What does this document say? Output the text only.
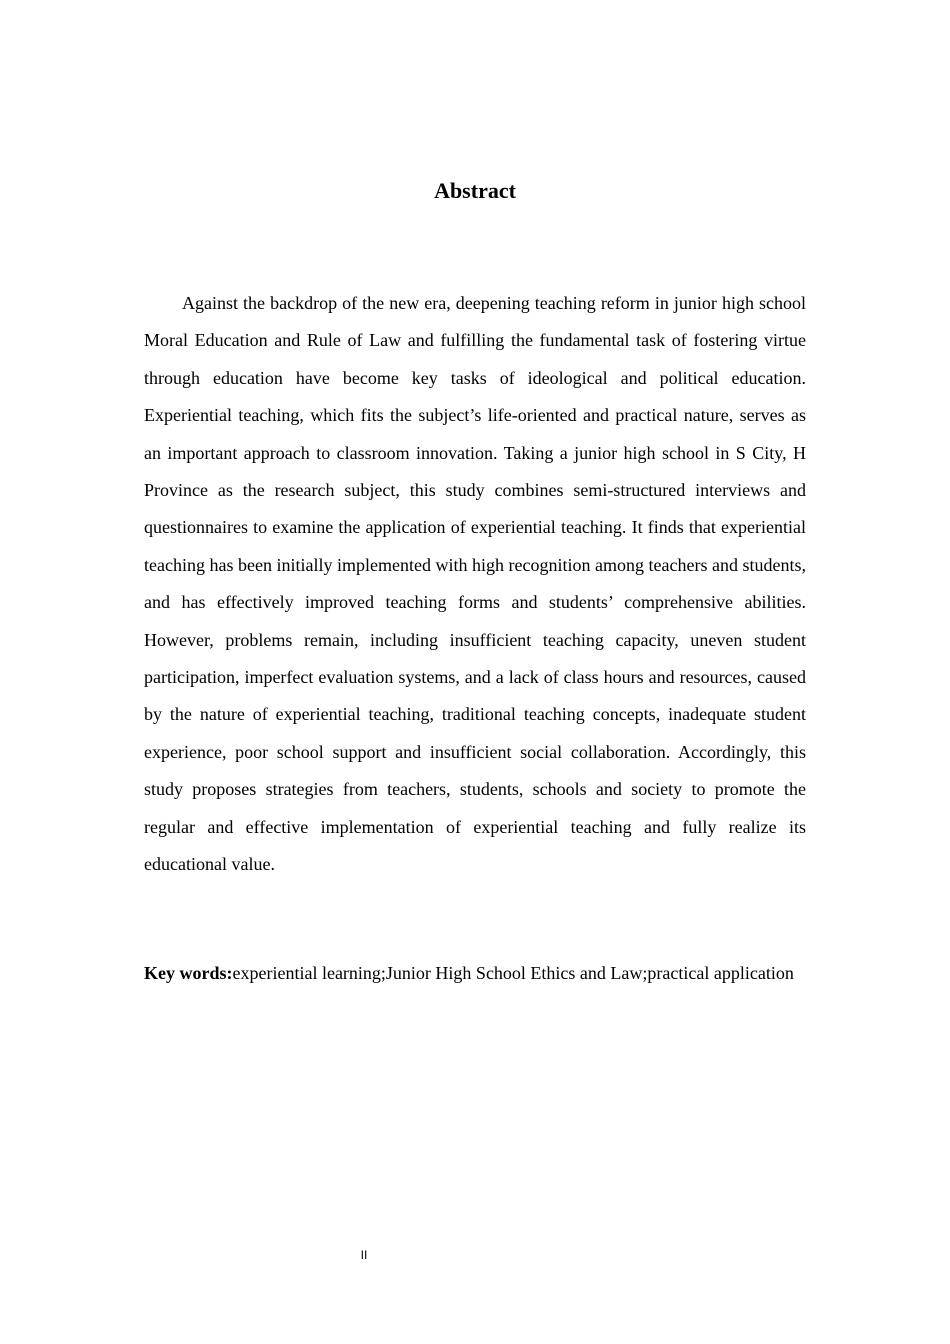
Abstract

Against the backdrop of the new era, deepening teaching reform in junior high school Moral Education and Rule of Law and fulfilling the fundamental task of fostering virtue through education have become key tasks of ideological and political education. Experiential teaching, which fits the subject’s life-oriented and practical nature, serves as an important approach to classroom innovation. Taking a junior high school in S City, H Province as the research subject, this study combines semi-structured interviews and questionnaires to examine the application of experiential teaching. It finds that experiential teaching has been initially implemented with high recognition among teachers and students, and has effectively improved teaching forms and students’ comprehensive abilities. However, problems remain, including insufficient teaching capacity, uneven student participation, imperfect evaluation systems, and a lack of class hours and resources, caused by the nature of experiential teaching, traditional teaching concepts, inadequate student experience, poor school support and insufficient social collaboration. Accordingly, this study proposes strategies from teachers, students, schools and society to promote the regular and effective implementation of experiential teaching and fully realize its educational value.

Key words:experiential learning;Junior High School Ethics and Law;practical application

II
